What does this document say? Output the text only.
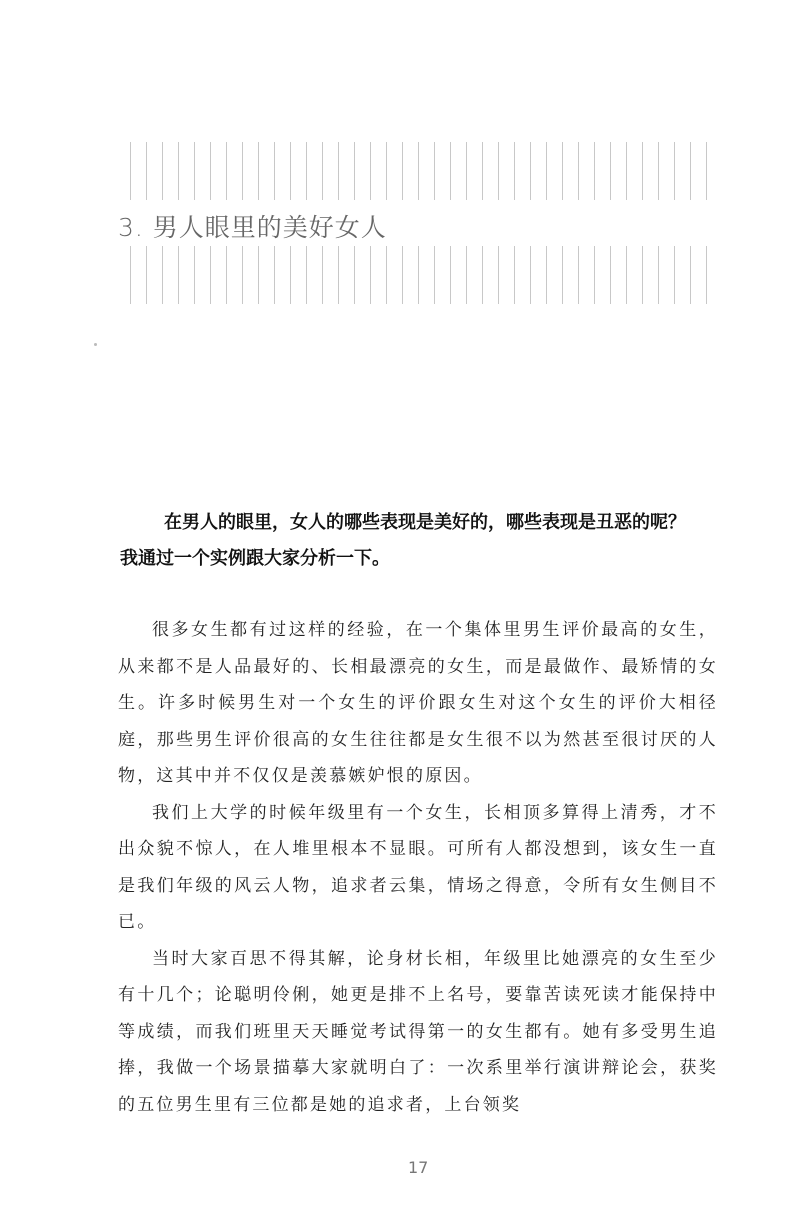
3. 男人眼里的美好女人

在男人的眼里，女人的哪些表现是美好的，哪些表现是丑恶的呢？

我通过一个实例跟大家分析一下。

很多女生都有过这样的经验，在一个集体里男生评价最高的女生，从来都不是人品最好的、长相最漂亮的女生，而是最做作、最矫情的女生。许多时候男生对一个女生的评价跟女生对这个女生的评价大相径庭，那些男生评价很高的女生往往都是女生很不以为然甚至很讨厌的人物，这其中并不仅仅是羡慕嫉妒恨的原因。

我们上大学的时候年级里有一个女生，长相顶多算得上清秀，才不出众貌不惊人，在人堆里根本不显眼。可所有人都没想到，该女生一直是我们年级的风云人物，追求者云集，情场之得意，令所有女生侧目不已。

当时大家百思不得其解，论身材长相，年级里比她漂亮的女生至少有十几个；论聪明伶俐，她更是排不上名号，要靠苦读死读才能保持中等成绩，而我们班里天天睡觉考试得第一的女生都有。她有多受男生追捧，我做一个场景描摹大家就明白了：一次系里举行演讲辩论会，获奖的五位男生里有三位都是她的追求者，上台领奖

17
